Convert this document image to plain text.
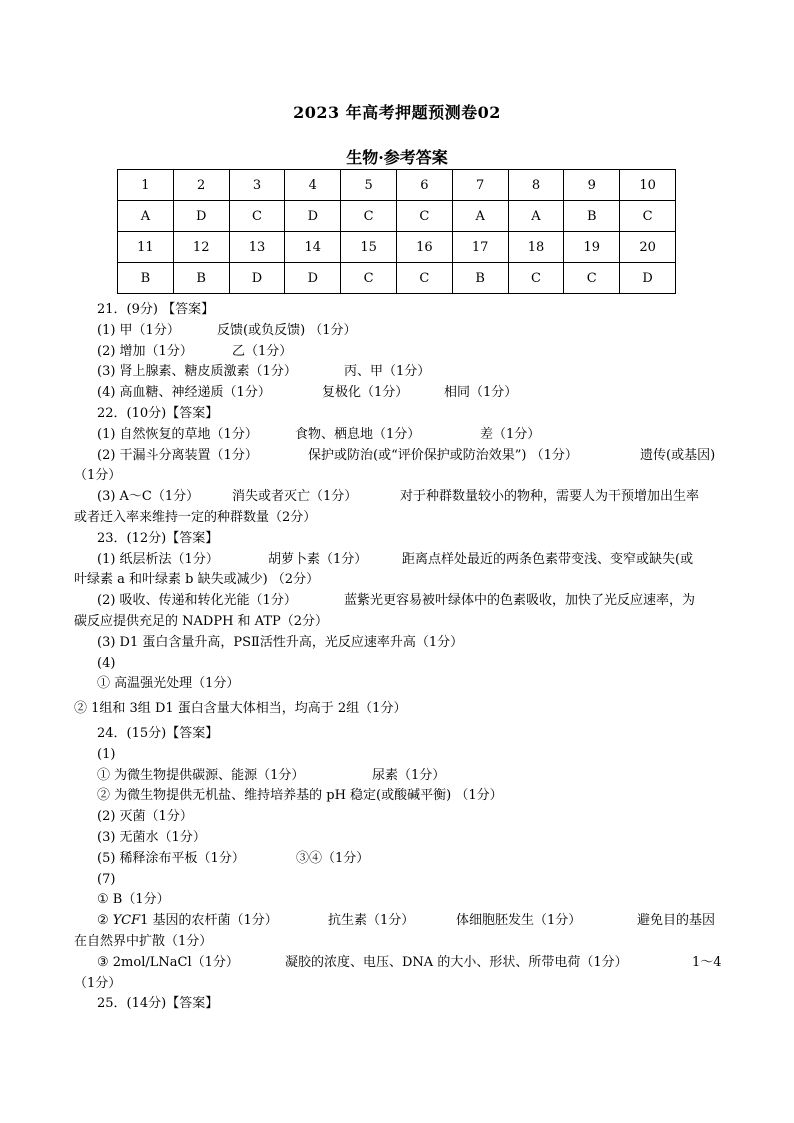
2023 年高考押题预测卷02
生物·参考答案
1	2	3	4	5	6	7	8	9	10
A	D	C	D	C	C	A	A	B	C
11	12	13	14	15	16	17	18	19	20
B	B	D	D	C	C	B	C	C	D
21．(9分) 【答案】
(1) 甲（1分）	反馈(或负反馈) （1分）
(2) 增加（1分）	乙（1分）
(3) 肾上腺素、糖皮质激素（1分）	丙、甲（1分）
(4) 高血糖、神经递质（1分）	复极化（1分）	相同（1分）
22．(10分)【答案】
(1) 自然恢复的草地（1分）	食物、栖息地（1分）	差（1分）
(2) 干漏斗分离装置（1分）	保护或防治(或“评价保护或防治效果”) （1分）	遗传(或基因)
（1分）
(3) A～C（1分）	消失或者灭亡（1分）	对于种群数量较小的物种，需要人为干预增加出生率
或者迁入率来维持一定的种群数量（2分）
23．(12分)【答案】
(1) 纸层析法（1分）	胡萝卜素（1分）	距离点样处最近的两条色素带变浅、变窄或缺失(或
叶绿素 a 和叶绿素 b 缺失或减少) （2分）
(2) 吸收、传递和转化光能（1分）	蓝紫光更容易被叶绿体中的色素吸收，加快了光反应速率，为
碳反应提供充足的 NADPH 和 ATP（2分）
(3) D1 蛋白含量升高，PSⅡ活性升高，光反应速率升高（1分）
(4)
① 高温强光处理（1分）
② 1组和 3组 D1 蛋白含量大体相当，均高于 2组（1分）
24．(15分)【答案】
(1)
① 为微生物提供碳源、能源（1分）	尿素（1分）
② 为微生物提供无机盐、维持培养基的 pH 稳定(或酸碱平衡) （1分）
(2) 灭菌（1分）
(3) 无菌水（1分）
(5) 稀释涂布平板（1分）	③④（1分）
(7)
① B（1分）
② YCF1 基因的农杆菌（1分）	抗生素（1分）	体细胞胚发生（1分）	避免目的基因
在自然界中扩散（1分）
③ 2mol/LNaCl（1分）	凝胶的浓度、电压、DNA 的大小、形状、所带电荷（1分）	1～4
（1分）
25．(14分)【答案】
